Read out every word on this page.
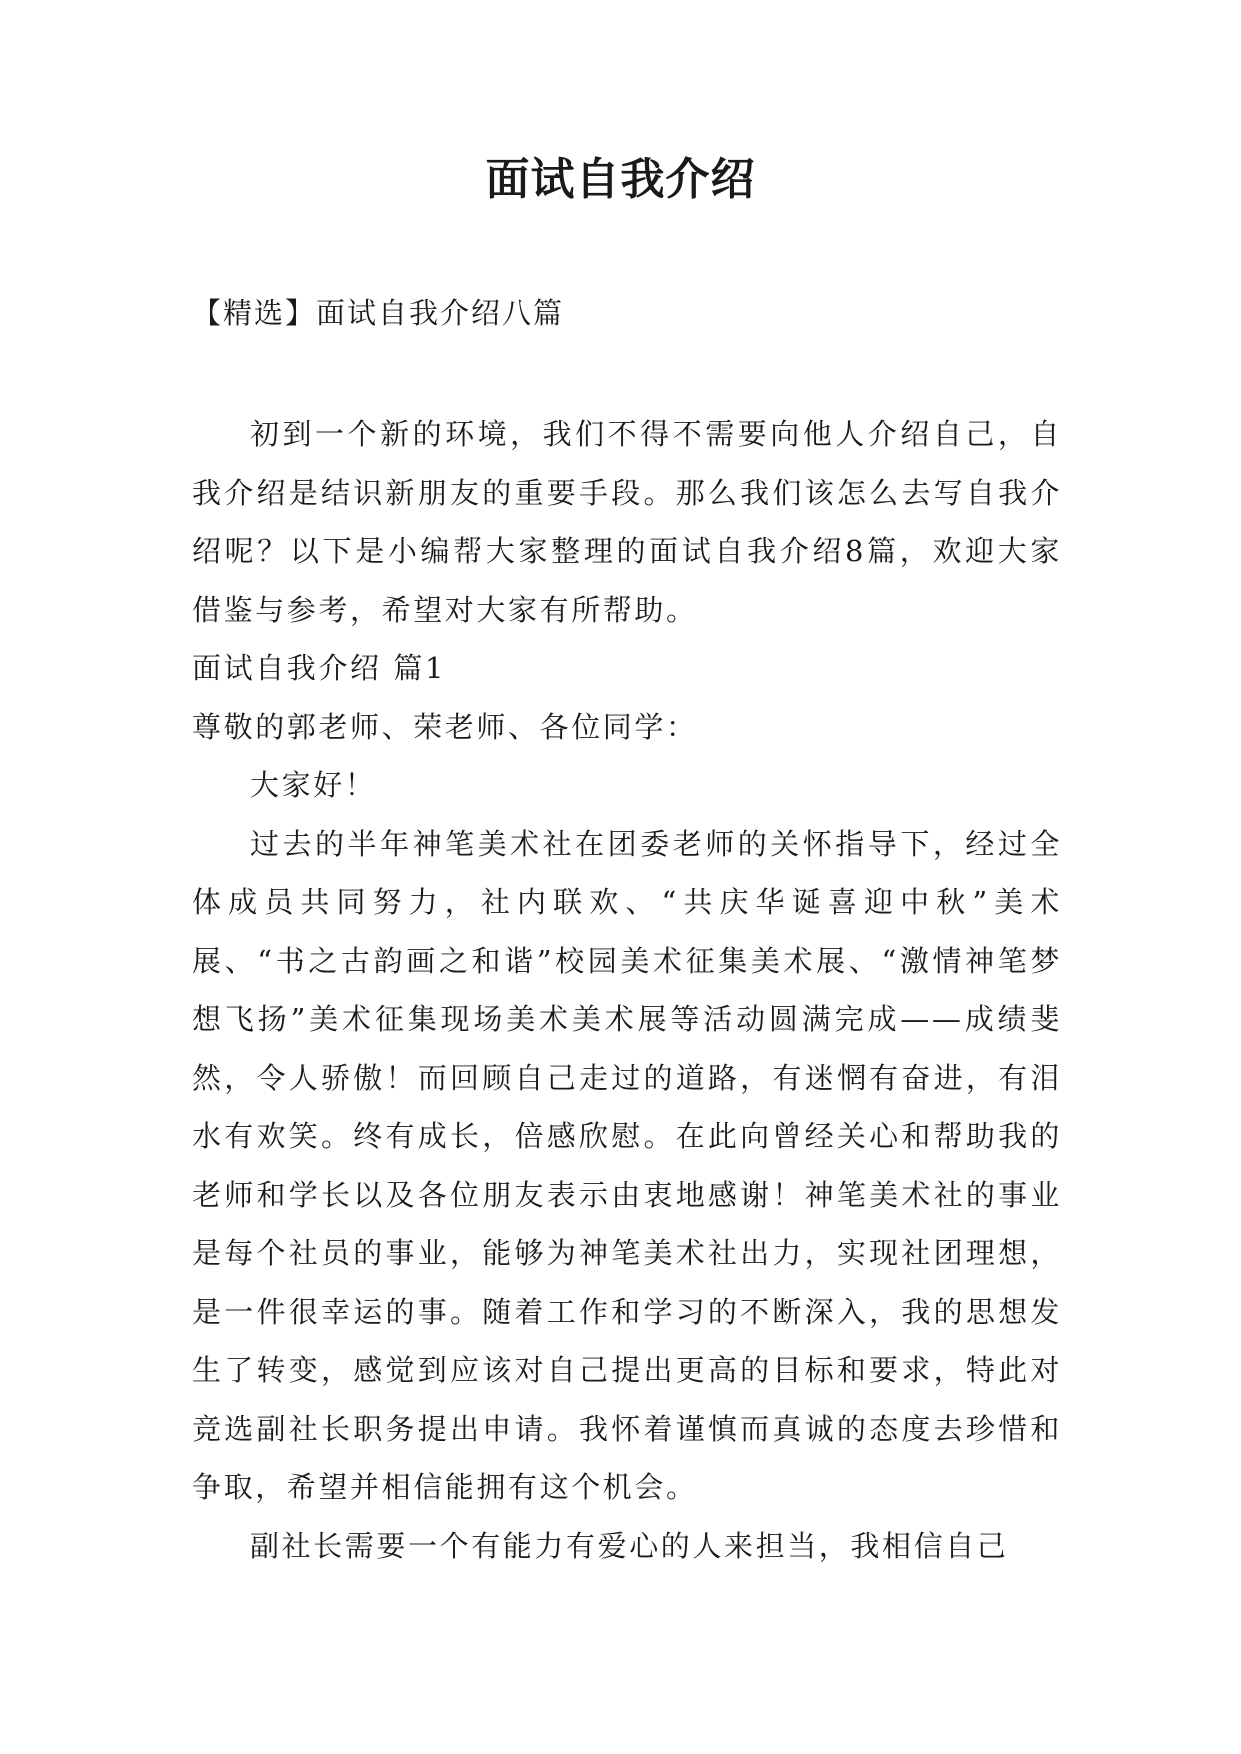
面试自我介绍
【精选】面试自我介绍八篇

初到一个新的环境，我们不得不需要向他人介绍自己，自我介绍是结识新朋友的重要手段。那么我们该怎么去写自我介绍呢？以下是小编帮大家整理的面试自我介绍8篇，欢迎大家借鉴与参考，希望对大家有所帮助。

面试自我介绍 篇1

尊敬的郭老师、荣老师、各位同学：

大家好！

过去的半年神笔美术社在团委老师的关怀指导下，经过全体成员共同努力，社内联欢、“共庆华诞喜迎中秋”美术展、“书之古韵画之和谐”校园美术征集美术展、“激情神笔梦想飞扬”美术征集现场美术美术展等活动圆满完成——成绩斐然，令人骄傲！而回顾自己走过的道路，有迷惘有奋进，有泪水有欢笑。终有成长，倍感欣慰。在此向曾经关心和帮助我的老师和学长以及各位朋友表示由衷地感谢！神笔美术社的事业是每个社员的事业，能够为神笔美术社出力，实现社团理想，是一件很幸运的事。随着工作和学习的不断深入，我的思想发生了转变，感觉到应该对自己提出更高的目标和要求，特此对竞选副社长职务提出申请。我怀着谨慎而真诚的态度去珍惜和争取，希望并相信能拥有这个机会。

副社长需要一个有能力有爱心的人来担当，我相信自己
